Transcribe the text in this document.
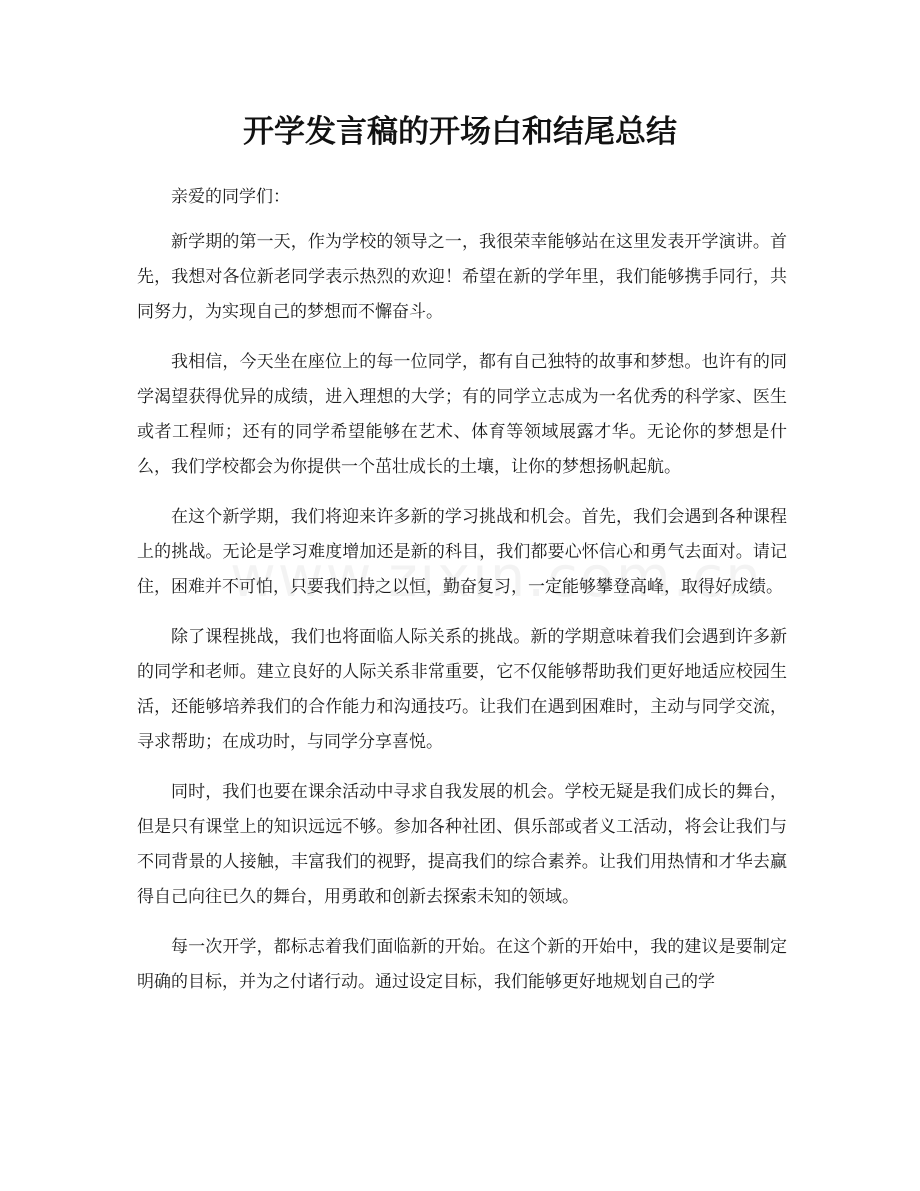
开学发言稿的开场白和结尾总结

亲爱的同学们：

新学期的第一天，作为学校的领导之一，我很荣幸能够站在这里发表开学演讲。首先，我想对各位新老同学表示热烈的欢迎！希望在新的学年里，我们能够携手同行，共同努力，为实现自己的梦想而不懈奋斗。

我相信，今天坐在座位上的每一位同学，都有自己独特的故事和梦想。也许有的同学渴望获得优异的成绩，进入理想的大学；有的同学立志成为一名优秀的科学家、医生或者工程师；还有的同学希望能够在艺术、体育等领域展露才华。无论你的梦想是什么，我们学校都会为你提供一个茁壮成长的土壤，让你的梦想扬帆起航。

在这个新学期，我们将迎来许多新的学习挑战和机会。首先，我们会遇到各种课程上的挑战。无论是学习难度增加还是新的科目，我们都要心怀信心和勇气去面对。请记住，困难并不可怕，只要我们持之以恒，勤奋复习，一定能够攀登高峰，取得好成绩。

除了课程挑战，我们也将面临人际关系的挑战。新的学期意味着我们会遇到许多新的同学和老师。建立良好的人际关系非常重要，它不仅能够帮助我们更好地适应校园生活，还能够培养我们的合作能力和沟通技巧。让我们在遇到困难时，主动与同学交流，寻求帮助；在成功时，与同学分享喜悦。

同时，我们也要在课余活动中寻求自我发展的机会。学校无疑是我们成长的舞台，但是只有课堂上的知识远远不够。参加各种社团、俱乐部或者义工活动，将会让我们与不同背景的人接触，丰富我们的视野，提高我们的综合素养。让我们用热情和才华去赢得自己向往已久的舞台，用勇敢和创新去探索未知的领域。

每一次开学，都标志着我们面临新的开始。在这个新的开始中，我的建议是要制定明确的目标，并为之付诸行动。通过设定目标，我们能够更好地规划自己的学
